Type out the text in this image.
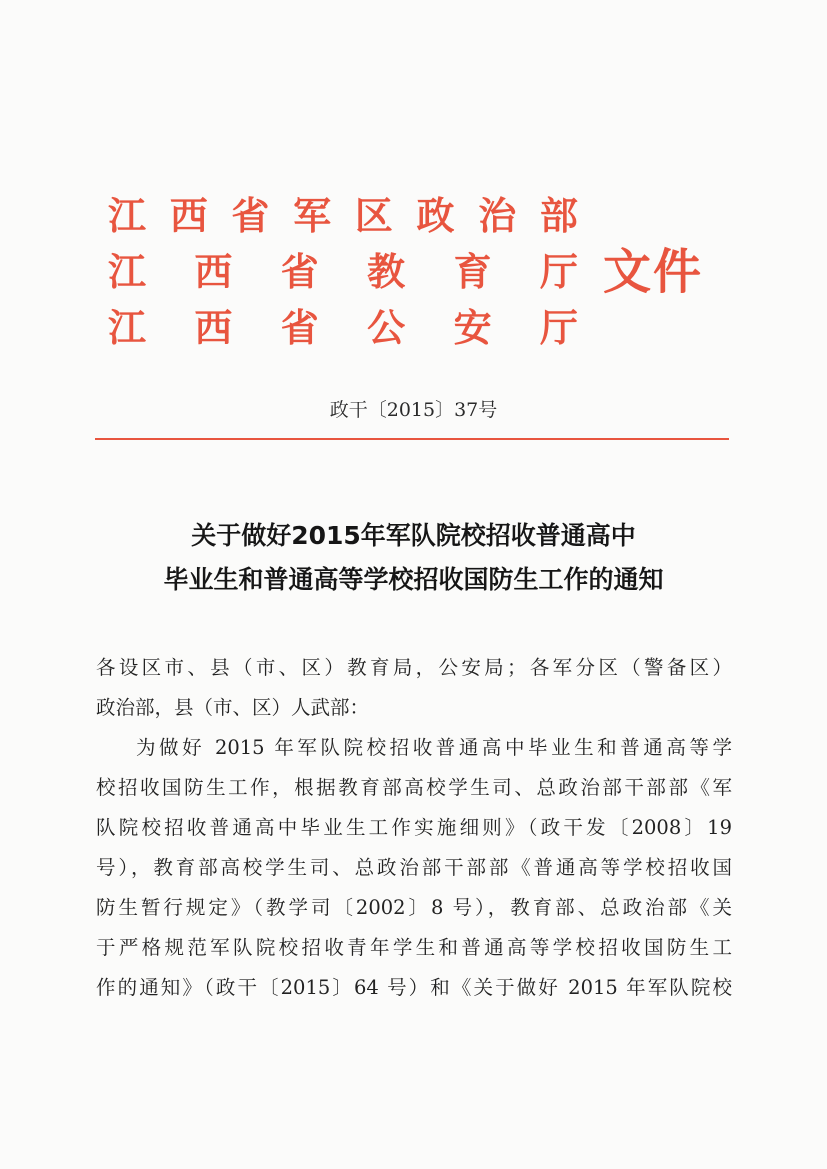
江 西 省 军 区 政 治 部
江 西 省 教 育 厅
江 西 省 公 安 厅
文件
政干〔2015〕37号
关于做好2015年军队院校招收普通高中
毕业生和普通高等学校招收国防生工作的通知
各设区市、县（市、区）教育局，公安局；各军分区（警备区）
政治部，县（市、区）人武部：
为做好 2015 年军队院校招收普通高中毕业生和普通高等学
校招收国防生工作，根据教育部高校学生司、总政治部干部部《军
队院校招收普通高中毕业生工作实施细则》（政干发〔2008〕19
号），教育部高校学生司、总政治部干部部《普通高等学校招收国
防生暂行规定》（教学司〔2002〕8 号），教育部、总政治部《关
于严格规范军队院校招收青年学生和普通高等学校招收国防生工
作的通知》（政干〔2015〕64 号）和《关于做好 2015 年军队院校
